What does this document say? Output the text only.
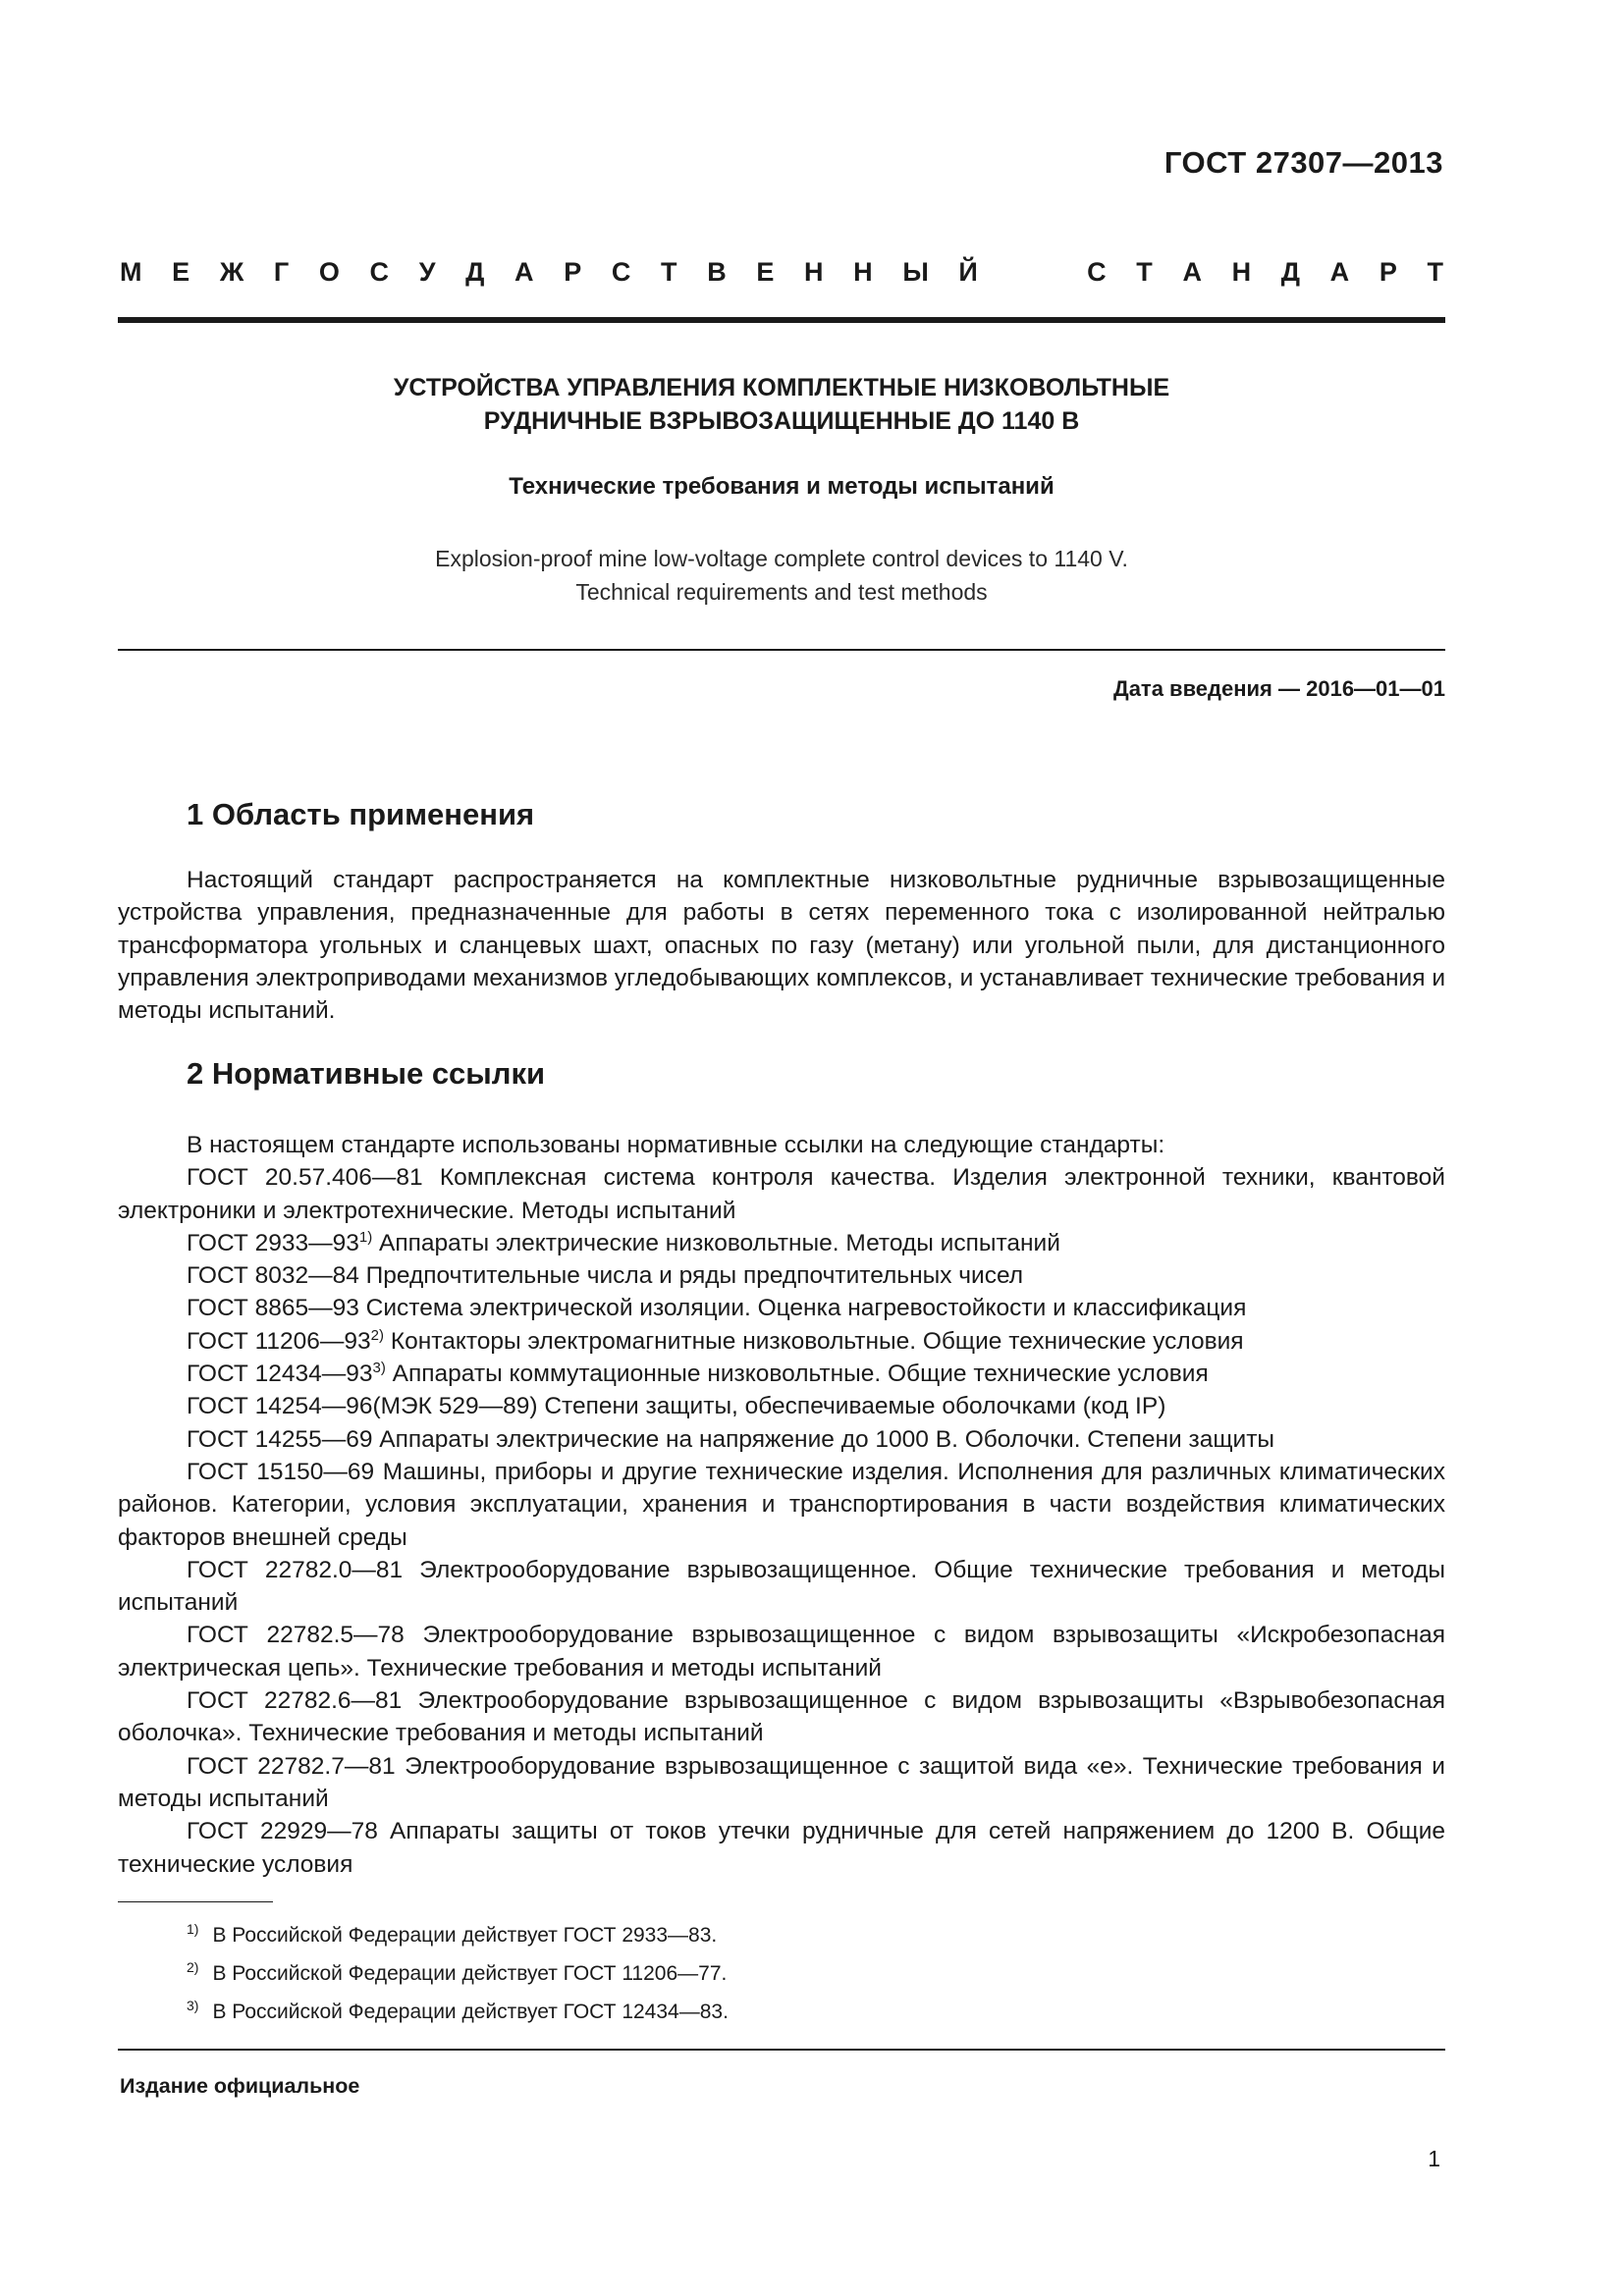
ГОСТ 27307—2013
М Е Ж Г О С У Д А Р С Т В Е Н Н Ы Й	С Т А Н Д А Р Т
УСТРОЙСТВА УПРАВЛЕНИЯ КОМПЛЕКТНЫЕ НИЗКОВОЛЬТНЫЕ
РУДНИЧНЫЕ ВЗРЫВОЗАЩИЩЕННЫЕ ДО 1140 В
Технические требования и методы испытаний
Explosion-proof mine low-voltage complete control devices to 1140 V.
Technical requirements and test methods
Дата введения — 2016—01—01
1 Область применения
Настоящий стандарт распространяется на комплектные низковольтные рудничные взрывозащищенные устройства управления, предназначенные для работы в сетях переменного тока с изолированной нейтралью трансформатора угольных и сланцевых шахт, опасных по газу (метану) или угольной пыли, для дистанционного управления электроприводами механизмов угледобывающих комплексов, и устанавливает технические требования и методы испытаний.
2 Нормативные ссылки

В настоящем стандарте использованы нормативные ссылки на следующие стандарты:

ГОСТ 20.57.406—81 Комплексная система контроля качества. Изделия электронной техники, квантовой электроники и электротехнические. Методы испытаний

ГОСТ 2933—93$^{1)}$ Аппараты электрические низковольтные. Методы испытаний

ГОСТ 8032—84 Предпочтительные числа и ряды предпочтительных чисел

ГОСТ 8865—93 Система электрической изоляции. Оценка нагревостойкости и классификация

ГОСТ 11206—93$^{2)}$ Контакторы электромагнитные низковольтные. Общие технические условия

ГОСТ 12434—93$^{3)}$ Аппараты коммутационные низковольтные. Общие технические условия

ГОСТ 14254—96(МЭК 529—89) Степени защиты, обеспечиваемые оболочками (код IP)

ГОСТ 14255—69 Аппараты электрические на напряжение до 1000 В. Оболочки. Степени защиты

ГОСТ 15150—69 Машины, приборы и другие технические изделия. Исполнения для различных климатических районов. Категории, условия эксплуатации, хранения и транспортирования в части воздействия климатических факторов внешней среды

ГОСТ 22782.0—81 Электрооборудование взрывозащищенное. Общие технические требования и методы испытаний

ГОСТ 22782.5—78 Электрооборудование взрывозащищенное с видом взрывозащиты «Искробезопасная электрическая цепь». Технические требования и методы испытаний

ГОСТ 22782.6—81 Электрооборудование взрывозащищенное с видом взрывозащиты «Взрывобезопасная оболочка». Технические требования и методы испытаний

ГОСТ 22782.7—81 Электрооборудование взрывозащищенное с защитой вида «е». Технические требования и методы испытаний

ГОСТ 22929—78 Аппараты защиты от токов утечки рудничные для сетей напряжением до 1200 В. Общие технические условия

$^{1)}$ В Российской Федерации действует ГОСТ 2933—83.
$^{2)}$ В Российской Федерации действует ГОСТ 11206—77.
$^{3)}$ В Российской Федерации действует ГОСТ 12434—83.
Издание официальное
1
